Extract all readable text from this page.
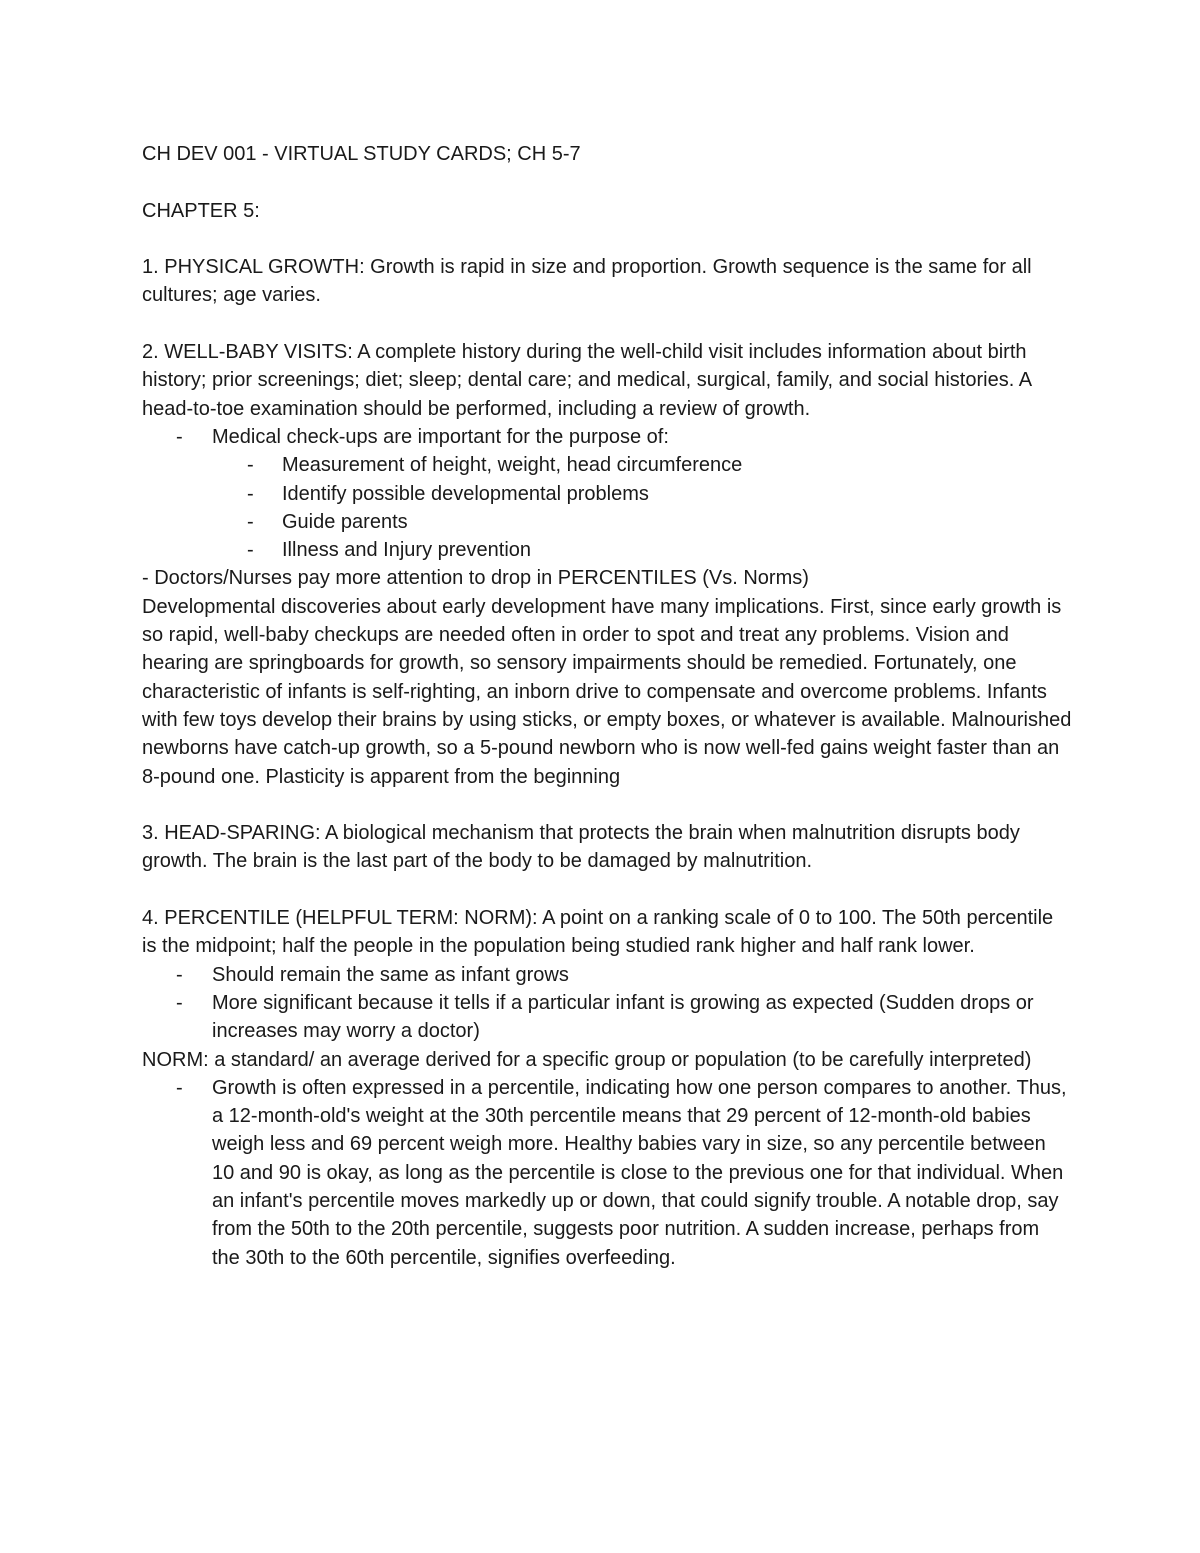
CH DEV 001 - VIRTUAL STUDY CARDS; CH 5-7

CHAPTER 5:

1. PHYSICAL GROWTH: Growth is rapid in size and proportion. Growth sequence is the same for all cultures; age varies.

2. WELL-BABY VISITS: A complete history during the well-child visit includes information about birth history; prior screenings; diet; sleep; dental care; and medical, surgical, family, and social histories. A head-to-toe examination should be performed, including a review of growth.

- Medical check-ups are important for the purpose of:
- Measurement of height, weight, head circumference
- Identify possible developmental problems
- Guide parents
- Illness and Injury prevention

- Doctors/Nurses pay more attention to drop in PERCENTILES (Vs. Norms)

Developmental discoveries about early development have many implications. First, since early growth is so rapid, well-baby checkups are needed often in order to spot and treat any problems. Vision and hearing are springboards for growth, so sensory impairments should be remedied. Fortunately, one characteristic of infants is self-righting, an inborn drive to compensate and overcome problems. Infants with few toys develop their brains by using sticks, or empty boxes, or whatever is available. Malnourished newborns have catch-up growth, so a 5-pound newborn who is now well-fed gains weight faster than an 8-pound one. Plasticity is apparent from the beginning

3. HEAD-SPARING: A biological mechanism that protects the brain when malnutrition disrupts body growth. The brain is the last part of the body to be damaged by malnutrition.

4. PERCENTILE (HELPFUL TERM: NORM): A point on a ranking scale of 0 to 100. The 50th percentile is the midpoint; half the people in the population being studied rank higher and half rank lower.

- Should remain the same as infant grows
- More significant because it tells if a particular infant is growing as expected (Sudden drops or increases may worry a doctor)

NORM: a standard/ an average derived for a specific group or population (to be carefully interpreted)

- Growth is often expressed in a percentile, indicating how one person compares to another. Thus, a 12-month-old's weight at the 30th percentile means that 29 percent of 12-month-old babies weigh less and 69 percent weigh more. Healthy babies vary in size, so any percentile between 10 and 90 is okay, as long as the percentile is close to the previous one for that individual. When an infant's percentile moves markedly up or down, that could signify trouble. A notable drop, say from the 50th to the 20th percentile, suggests poor nutrition. A sudden increase, perhaps from the 30th to the 60th percentile, signifies overfeeding.
